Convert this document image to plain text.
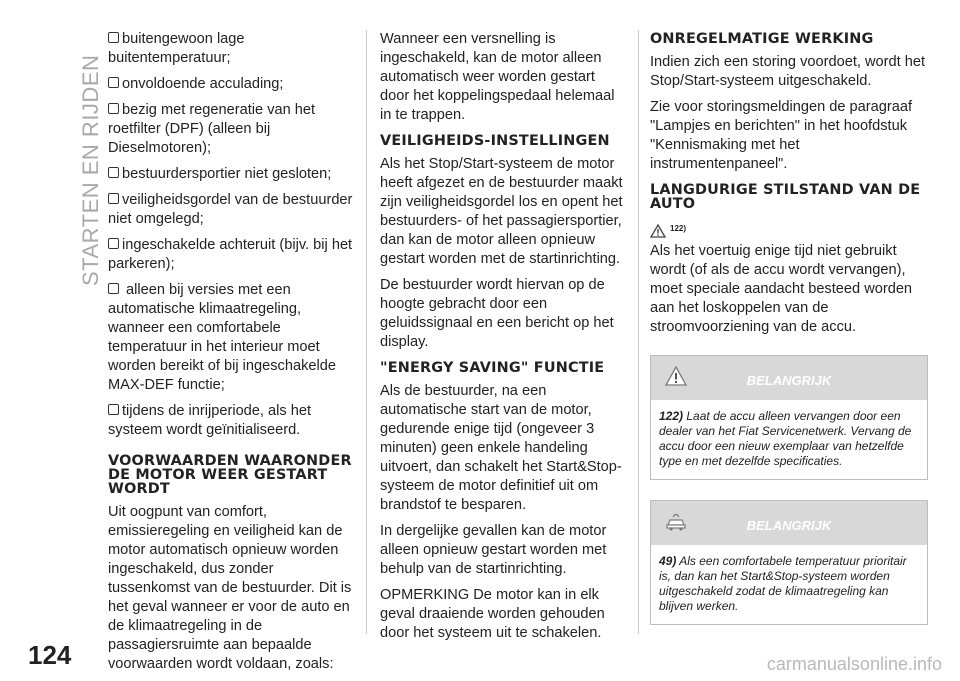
STARTEN EN RIJDEN

buitengewoon lage buitentemperatuur;

onvoldoende acculading;

bezig met regeneratie van het roetfilter (DPF) (alleen bij Dieselmotoren);

bestuurdersportier niet gesloten;

veiligheidsgordel van de bestuurder niet omgelegd;

ingeschakelde achteruit (bijv. bij het parkeren);

alleen bij versies met een automatische klimaatregeling, wanneer een comfortabele temperatuur in het interieur moet worden bereikt of bij ingeschakelde MAX-DEF functie;

tijdens de inrijperiode, als het systeem wordt geïnitialiseerd.

VOORWAARDEN WAARONDER DE MOTOR WEER GESTART WORDT

Uit oogpunt van comfort, emissieregeling en veiligheid kan de motor automatisch opnieuw worden ingeschakeld, dus zonder tussenkomst van de bestuurder. Dit is het geval wanneer er voor de auto en de klimaatregeling in de passagiersruimte aan bepaalde voorwaarden wordt voldaan, zoals:

Wanneer een versnelling is ingeschakeld, kan de motor alleen automatisch weer worden gestart door het koppelingspedaal helemaal in te trappen.

VEILIGHEIDS-INSTELLINGEN

Als het Stop/Start-systeem de motor heeft afgezet en de bestuurder maakt zijn veiligheidsgordel los en opent het bestuurders- of het passagiersportier, dan kan de motor alleen opnieuw gestart worden met de startinrichting.

De bestuurder wordt hiervan op de hoogte gebracht door een geluidssignaal en een bericht op het display.

"ENERGY SAVING" FUNCTIE

Als de bestuurder, na een automatische start van de motor, gedurende enige tijd (ongeveer 3 minuten) geen enkele handeling uitvoert, dan schakelt het Start&Stop-systeem de motor definitief uit om brandstof te besparen.

In dergelijke gevallen kan de motor alleen opnieuw gestart worden met behulp van de startinrichting.

OPMERKING De motor kan in elk geval draaiende worden gehouden door het systeem uit te schakelen.

ONREGELMATIGE WERKING

Indien zich een storing voordoet, wordt het Stop/Start-systeem uitgeschakeld.

Zie voor storingsmeldingen de paragraaf "Lampjes en berichten" in het hoofdstuk "Kennismaking met het instrumentenpaneel".

LANGDURIGE STILSTAND VAN DE AUTO
122)

Als het voertuig enige tijd niet gebruikt wordt (of als de accu wordt vervangen), moet speciale aandacht besteed worden aan het loskoppelen van de stroomvoorziening van de accu.

BELANGRIJK
122) Laat de accu alleen vervangen door een dealer van het Fiat Servicenetwerk. Vervang de accu door een nieuw exemplaar van hetzelfde type en met dezelfde specificaties.
BELANGRIJK
49) Als een comfortabele temperatuur prioritair is, dan kan het Start&Stop-systeem worden uitgeschakeld zodat de klimaatregeling kan blijven werken.
124	carmanualsonline.info
